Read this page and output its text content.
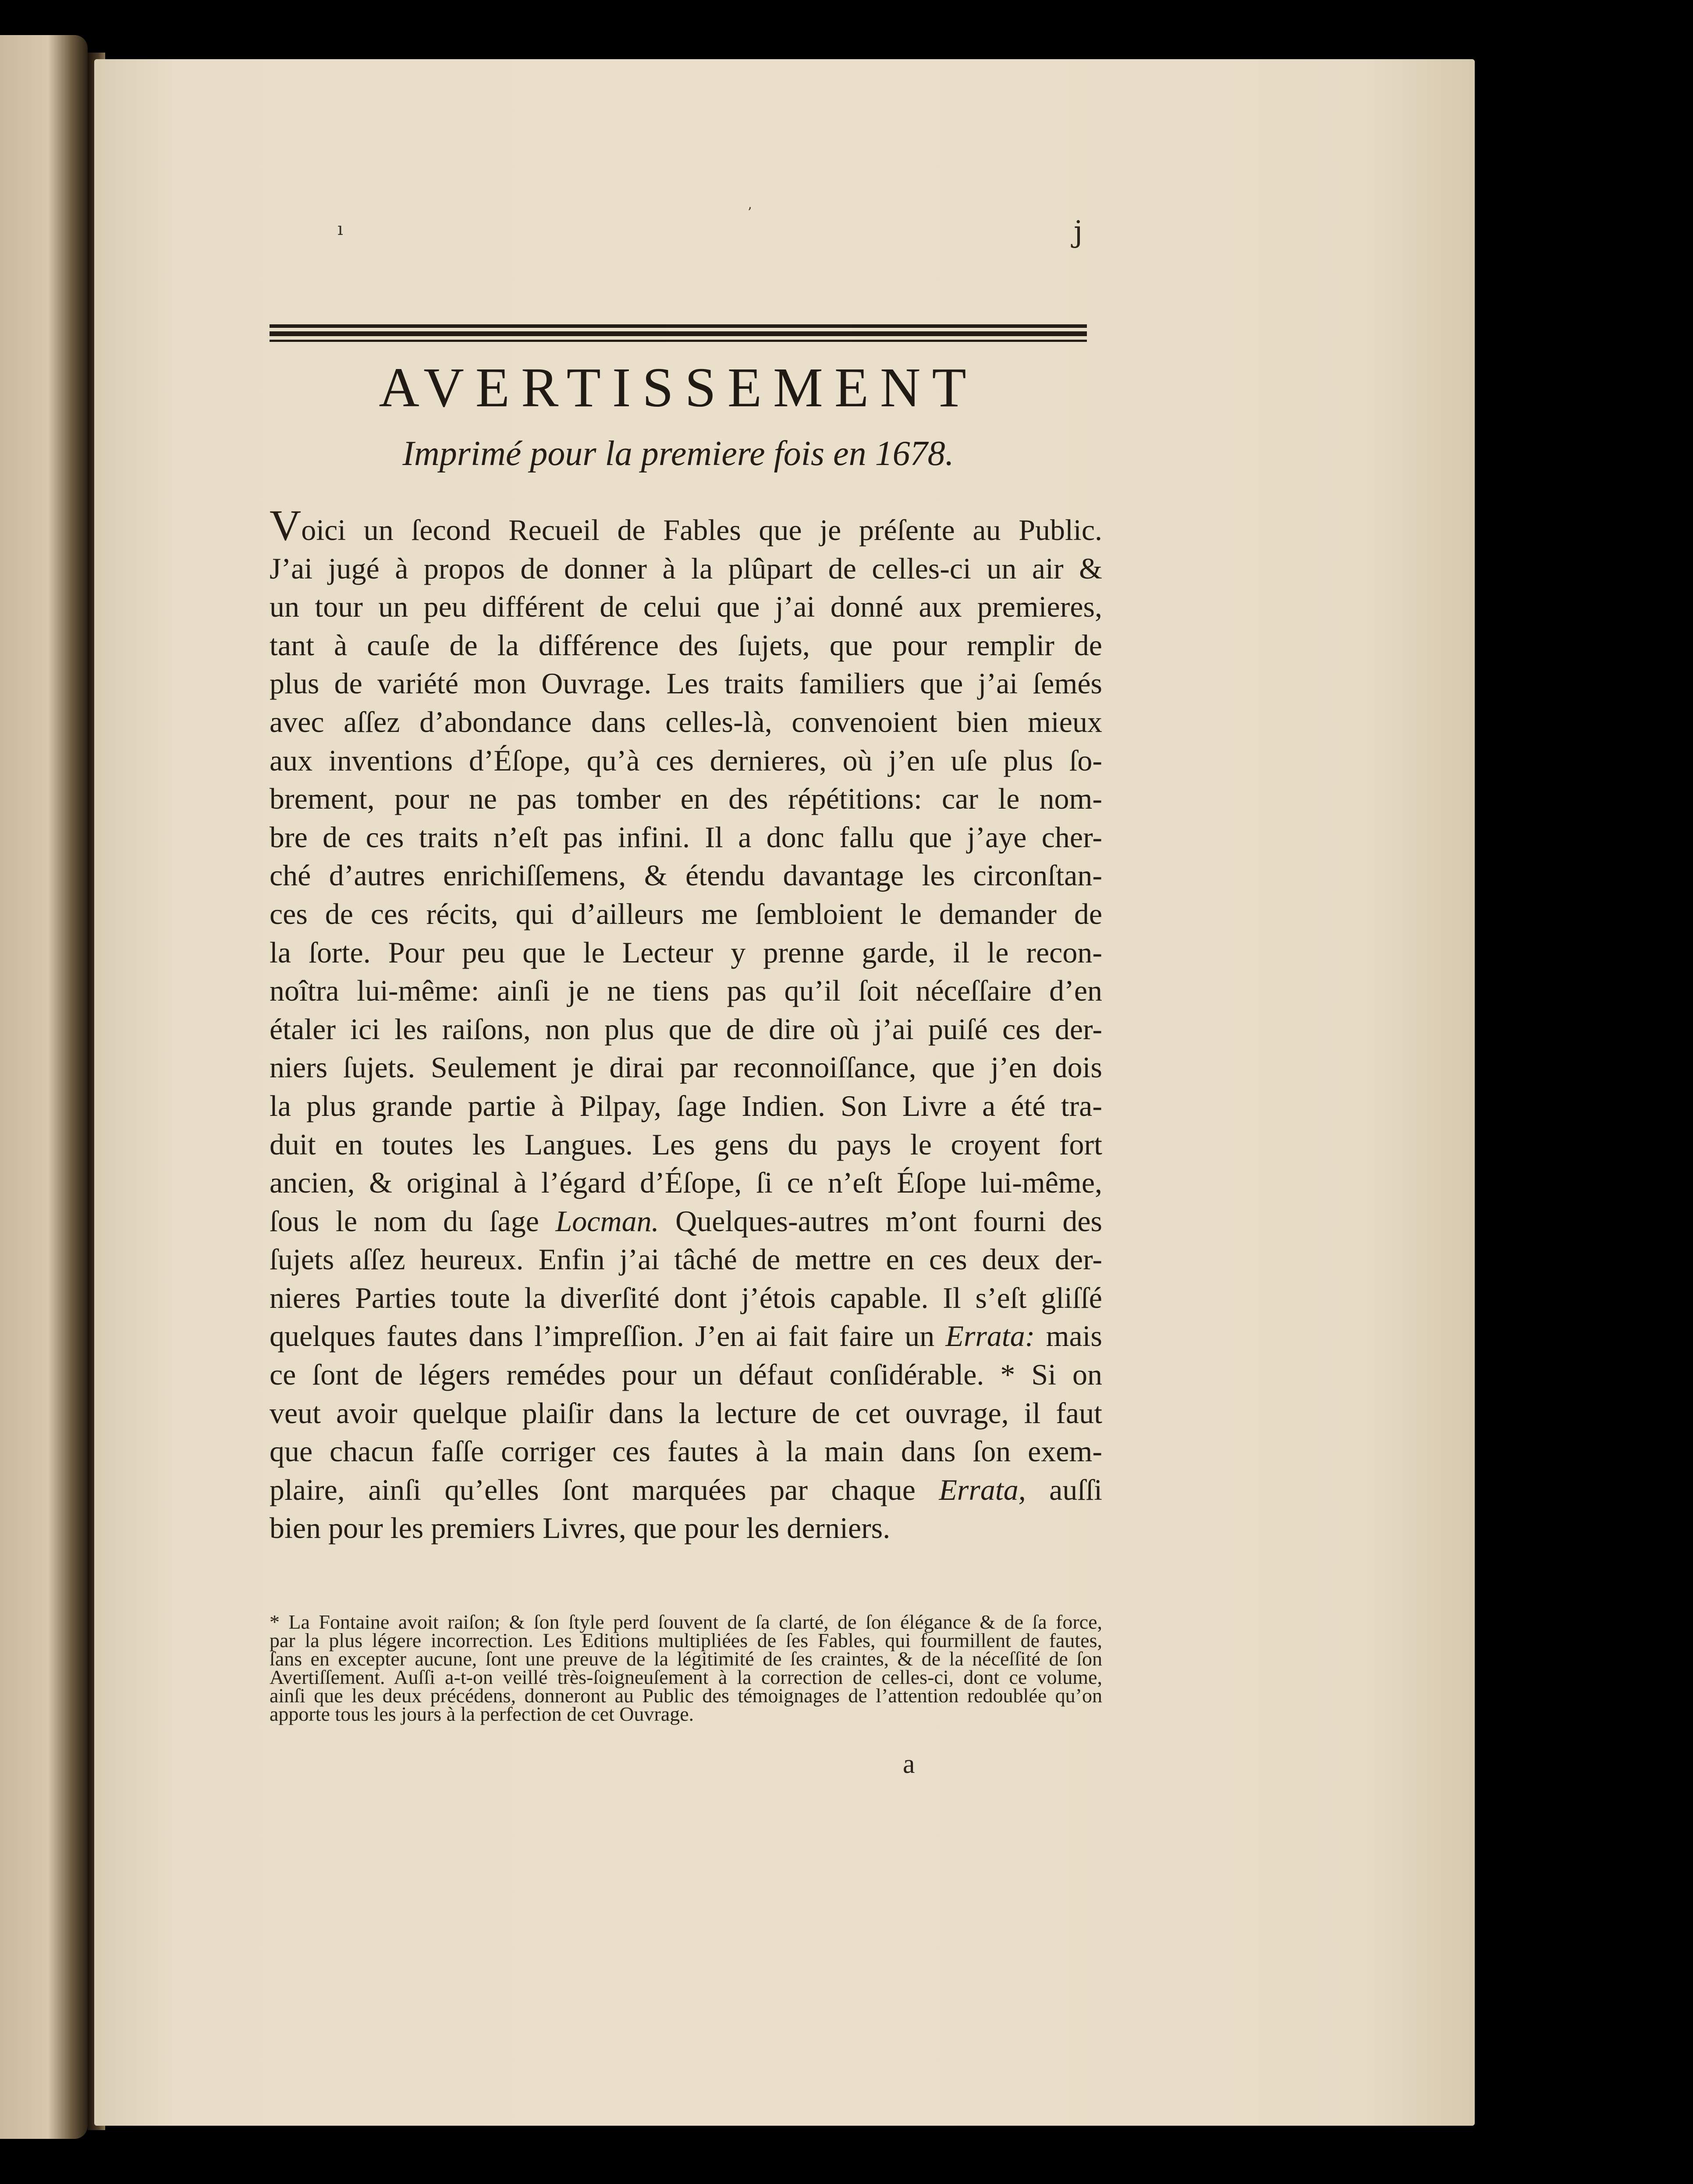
ı
ʼ
j
AVERTISSEMENT
Imprimé pour la premiere fois en 1678.
Voici un ſecond Recueil de Fables que je préſente au Public.
J’ai jugé à propos de donner à la plûpart de celles-ci un air &
un tour un peu différent de celui que j’ai donné aux premieres,
tant à cauſe de la différence des ſujets, que pour remplir de
plus de variété mon Ouvrage. Les traits familiers que j’ai ſemés
avec aſſez d’abondance dans celles-là, convenoient bien mieux
aux inventions d’Éſope, qu’à ces dernieres, où j’en uſe plus ſo-
brement, pour ne pas tomber en des répétitions: car le nom-
bre de ces traits n’eſt pas infini. Il a donc fallu que j’aye cher-
ché d’autres enrichiſſemens, & étendu davantage les circonſtan-
ces de ces récits, qui d’ailleurs me ſembloient le demander de
la ſorte. Pour peu que le Lecteur y prenne garde, il le recon-
noîtra lui-même: ainſi je ne tiens pas qu’il ſoit néceſſaire d’en
étaler ici les raiſons, non plus que de dire où j’ai puiſé ces der-
niers ſujets. Seulement je dirai par reconnoiſſance, que j’en dois
la plus grande partie à Pilpay, ſage Indien. Son Livre a été tra-
duit en toutes les Langues. Les gens du pays le croyent fort
ancien, & original à l’égard d’Éſope, ſi ce n’eſt Éſope lui-même,
ſous le nom du ſage Locman. Quelques-autres m’ont fourni des
ſujets aſſez heureux. Enfin j’ai tâché de mettre en ces deux der-
nieres Parties toute la diverſité dont j’étois capable. Il s’eſt gliſſé
quelques fautes dans l’impreſſion. J’en ai fait faire un Errata: mais
ce ſont de légers remédes pour un défaut conſidérable. * Si on
veut avoir quelque plaiſir dans la lecture de cet ouvrage, il faut
que chacun faſſe corriger ces fautes à la main dans ſon exem-
plaire, ainſi qu’elles ſont marquées par chaque Errata, auſſi
bien pour les premiers Livres, que pour les derniers.
* La Fontaine avoit raiſon; & ſon ſtyle perd ſouvent de ſa clarté, de ſon élégance & de ſa force,
par la plus légere incorrection. Les Editions multipliées de ſes Fables, qui fourmillent de fautes,
ſans en excepter aucune, ſont une preuve de la légitimité de ſes craintes, & de la néceſſité de ſon
Avertiſſement. Auſſi a-t-on veillé très-ſoigneuſement à la correction de celles-ci, dont ce volume,
ainſi que les deux précédens, donneront au Public des témoignages de l’attention redoublée qu’on
apporte tous les jours à la perfection de cet Ouvrage.
a
